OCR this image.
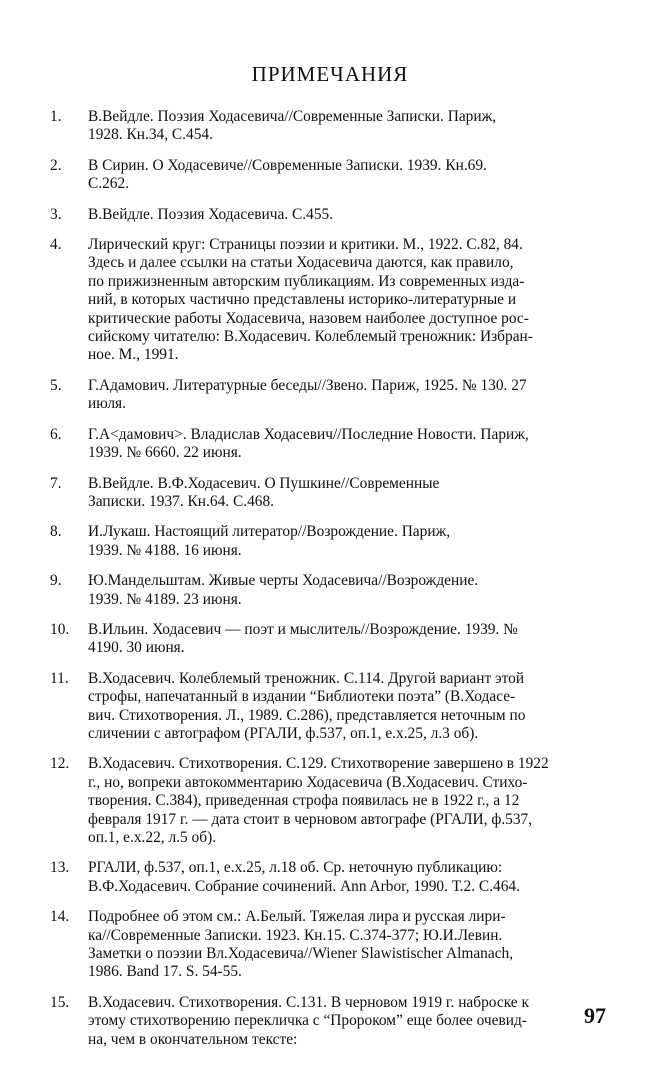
ПРИМЕЧАНИЯ
1.	В.Вейдле. Поэзия Ходасевича//Современные Записки. Париж,
1928. Кн.34, С.454.
2.	В Сирин. О Ходасевиче//Современные Записки. 1939. Кн.69.
С.262.
3.	В.Вейдле. Поэзия Ходасевича. С.455.
4.	Лирический круг: Страницы поэзии и критики. М., 1922. С.82, 84.
Здесь и далее ссылки на статьи Ходасевича даются, как правило,
по прижизненным авторским публикациям. Из современных изда-
ний, в которых частично представлены историко-литературные и
критические работы Ходасевича, назовем наиболее доступное рос-
сийскому читателю: В.Ходасевич. Колеблемый треножник: Избран-
ное. М., 1991.
5.	Г.Адамович. Литературные беседы//Звено. Париж, 1925. № 130. 27
июля.
6.	Г.А<дамович>. Владислав Ходасевич//Последние Новости. Париж,
1939. № 6660. 22 июня.
7.	В.Вейдле. В.Ф.Ходасевич. О Пушкине//Современные
Записки. 1937. Кн.64. С.468.
8.	И.Лукаш. Настоящий литератор//Возрождение. Париж,
1939. № 4188. 16 июня.
9.	Ю.Мандельштам. Живые черты Ходасевича//Возрождение.
1939. № 4189. 23 июня.
10.	В.Ильин. Ходасевич — поэт и мыслитель//Возрождение. 1939. №
4190. 30 июня.
11.	В.Ходасевич. Колеблемый треножник. С.114. Другой вариант этой
строфы, напечатанный в издании “Библиотеки поэта” (В.Ходасе-
вич. Стихотворения. Л., 1989. С.286), представляется неточным по
сличении с автографом (РГАЛИ, ф.537, оп.1, е.х.25, л.3 об).
12.	В.Ходасевич. Стихотворения. С.129. Стихотворение завершено в 1922
г., но, вопреки автокомментарию Ходасевича (В.Ходасевич. Стихо-
творения. С.384), приведенная строфа появилась не в 1922 г., а 12
февраля 1917 г. — дата стоит в черновом автографе (РГАЛИ, ф.537,
оп.1, е.х.22, л.5 об).
13.	РГАЛИ, ф.537, оп.1, е.х.25, л.18 об. Ср. неточную публикацию:
В.Ф.Ходасевич. Собрание сочинений. Ann Arbor, 1990. Т.2. С.464.
14.	Подробнее об этом см.: А.Белый. Тяжелая лира и русская лири-
ка//Современные Записки. 1923. Кн.15. С.374-377; Ю.И.Левин.
Заметки о поэзии Вл.Ходасевича//Wiener Slawistischer Almanach,
1986. Band 17. S. 54-55.
15.	В.Ходасевич. Стихотворения. С.131. В черновом 1919 г. наброске к
этому стихотворению перекличка с “Пророком” еще более очевид-
на, чем в окончательном тексте:
97
